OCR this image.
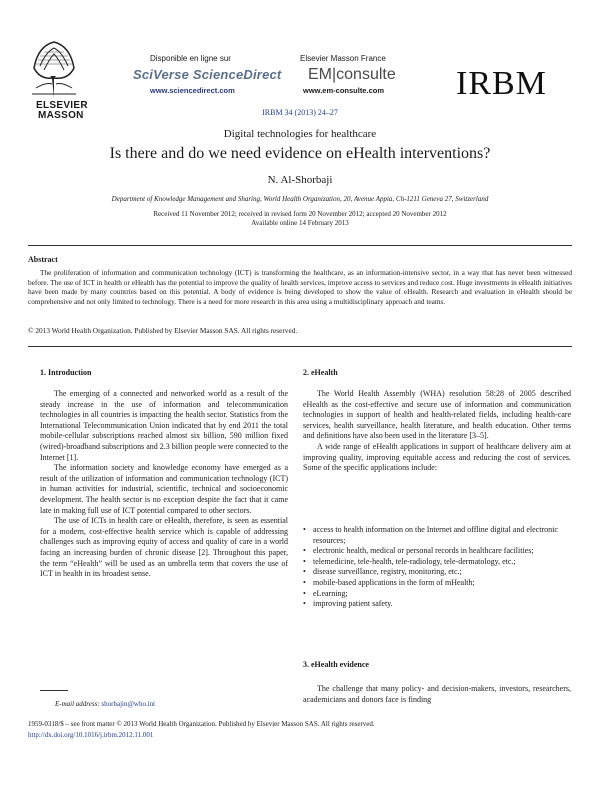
ELSEVIER
MASSON
Disponible en ligne sur
SciVerse ScienceDirect
www.sciencedirect.com
Elsevier Masson France
EM|consulte
www.em-consulte.com IRBM
IRBM 34 (2013) 24–27
Digital technologies for healthcare
Is there and do we need evidence on eHealth interventions?
N. Al-Shorbaji
Department of Knowledge Management and Sharing, World Health Organization, 20, Avenue Appia, Ch-1211 Geneva 27, Switzerland
Received 11 November 2012; received in revised form 20 November 2012; accepted 20 November 2012
Available online 14 February 2013
Abstract
The proliferation of information and communication technology (ICT) is transforming the healthcare, as an information-intensive sector, in a way that has never been witnessed before. The use of ICT in health or eHealth has the potential to improve the quality of health services, improve access to services and reduce cost. Huge investments in eHealth initiatives have been made by many countries based on this potential. A body of evidence is being developed to show the value of eHealth. Research and evaluation in eHealth should be comprehensive and not only limited to technology. There is a need for more research in this area using a multidisciplinary approach and teams.
© 2013 World Health Organization. Published by Elsevier Masson SAS. All rights reserved.
1. Introduction

The emerging of a connected and networked world as a result of the steady increase in the use of information and telecommunication technologies in all countries is impacting the health sector. Statistics from the International Telecommunication Union indicated that by end 2011 the total mobile-cellular subscriptions reached almost six billion, 590 million fixed (wired)-broadband subscriptions and 2.3 billion people were connected to the Internet [1].

The information society and knowledge economy have emerged as a result of the utilization of information and communication technology (ICT) in human activities for industrial, scientific, technical and socioeconomic development. The health sector is no exception despite the fact that it came late in making full use of ICT potential compared to other sectors.

The use of ICTs in health care or eHealth, therefore, is seen as essential for a modern, cost-effective health service which is capable of addressing challenges such as improving equity of access and quality of care in a world facing an increasing burden of chronic disease [2]. Throughout this paper, the term “eHealth” will be used as an umbrella term that covers the use of ICT in health in its broadest sense.

2. eHealth

The World Health Assembly (WHA) resolution 58:28 of 2005 described eHealth as the cost-effective and secure use of information and communication technologies in support of health and health-related fields, including health-care services, health surveillance, health literature, and health education. Other terms and definitions have also been used in the literature [3–5].

A wide range of eHealth applications in support of healthcare delivery aim at improving quality, improving equitable access and reducing the cost of services. Some of the specific applications include:

• access to health information on the Internet and offline digital and electronic resources;
• electronic health, medical or personal records in healthcare facilities;
• telemedicine, tele-health, tele-radiology, tele-dermatology, etc.;
• disease surveillance, registry, monitoring, etc.;
• mobile-based applications in the form of mHealth;
• eLearning;
• improving patient safety.
3. eHealth evidence

The challenge that many policy- and decision-makers, investors, researchers, academicians and donors face is finding

E-mail address: shorbajin@who.int
1959-0318/$ – see front matter © 2013 World Health Organization. Published by Elsevier Masson SAS. All rights reserved.
http://dx.doi.org/10.1016/j.irbm.2012.11.001
